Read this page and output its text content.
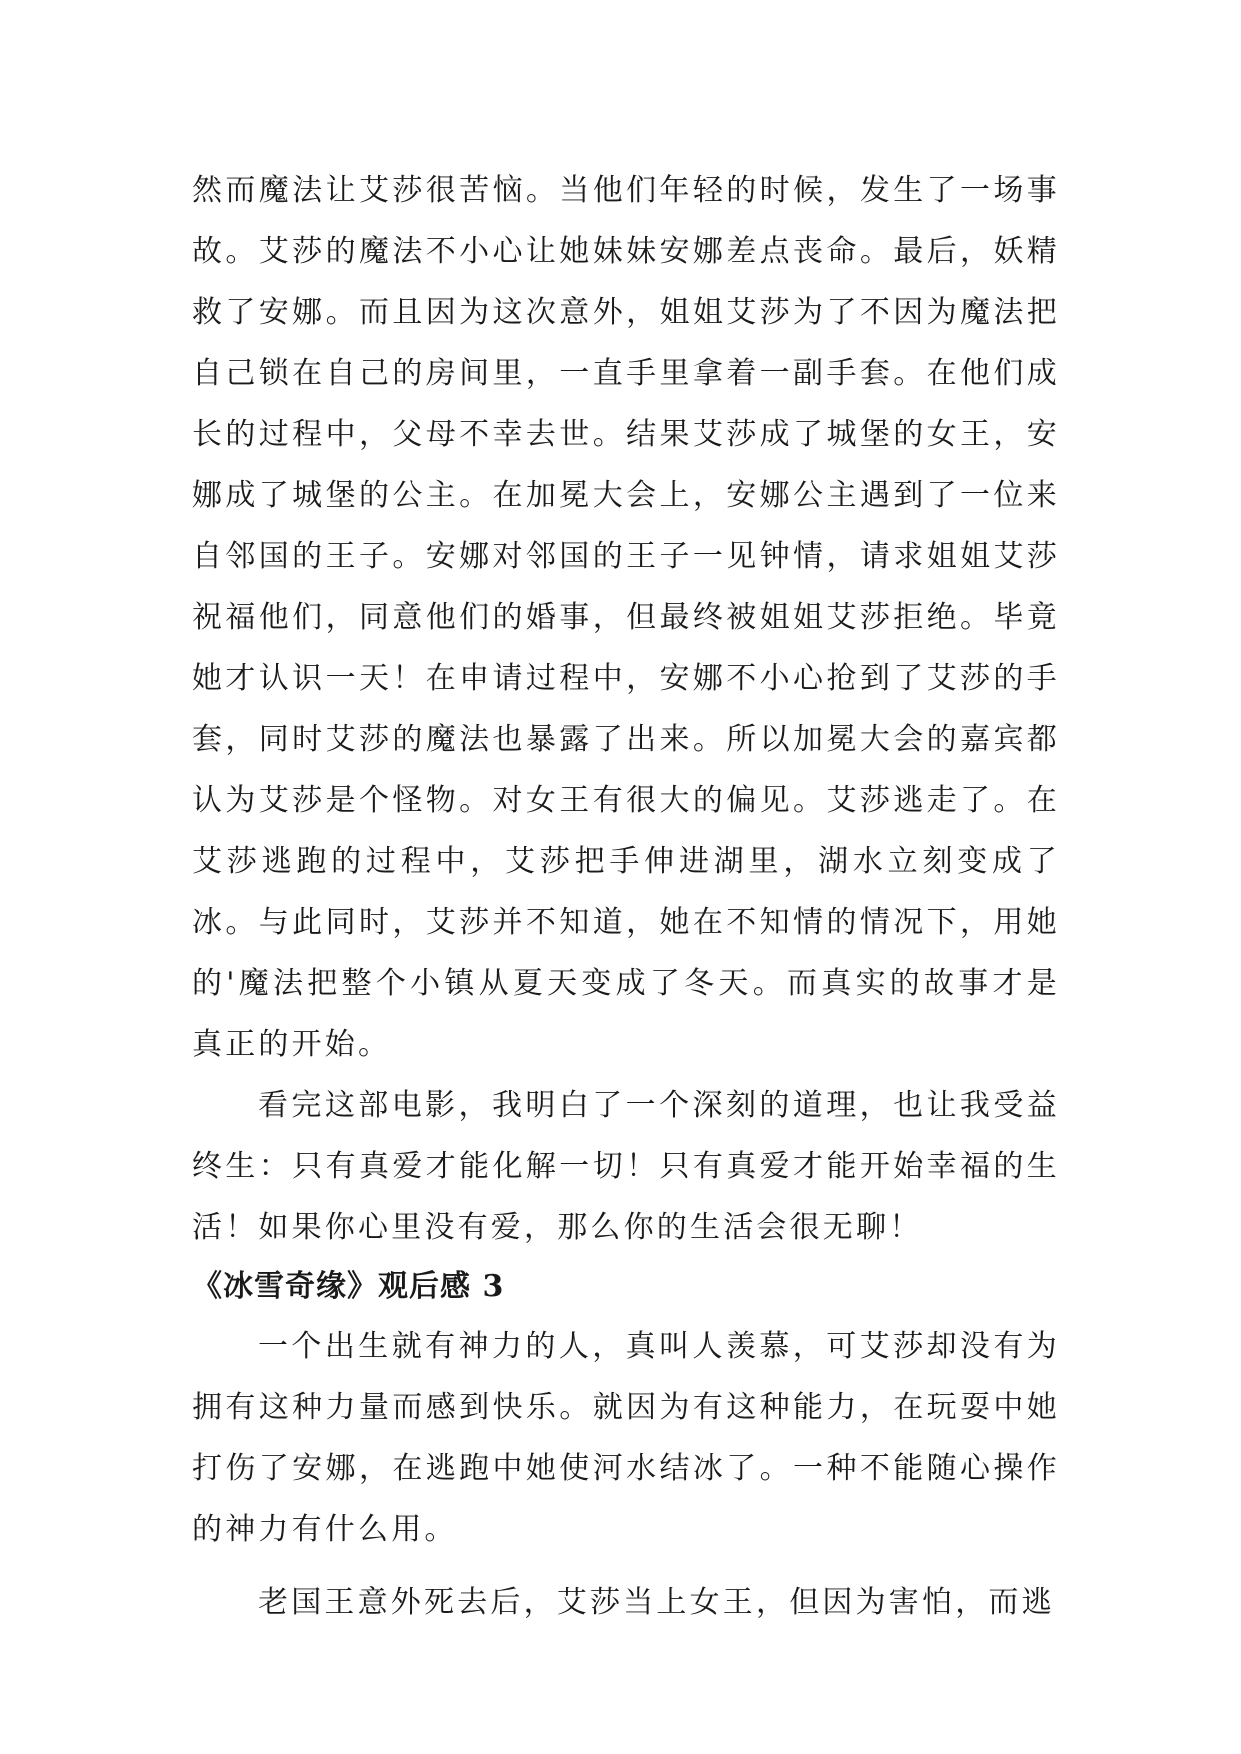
然而魔法让艾莎很苦恼。当他们年轻的时候，发生了一场事故。艾莎的魔法不小心让她妹妹安娜差点丧命。最后，妖精救了安娜。而且因为这次意外，姐姐艾莎为了不因为魔法把自己锁在自己的房间里，一直手里拿着一副手套。在他们成长的过程中，父母不幸去世。结果艾莎成了城堡的女王，安娜成了城堡的公主。在加冕大会上，安娜公主遇到了一位来自邻国的王子。安娜对邻国的王子一见钟情，请求姐姐艾莎祝福他们，同意他们的婚事，但最终被姐姐艾莎拒绝。毕竟她才认识一天！在申请过程中，安娜不小心抢到了艾莎的手套，同时艾莎的魔法也暴露了出来。所以加冕大会的嘉宾都认为艾莎是个怪物。对女王有很大的偏见。艾莎逃走了。在艾莎逃跑的过程中，艾莎把手伸进湖里，湖水立刻变成了冰。与此同时，艾莎并不知道，她在不知情的情况下，用她的'魔法把整个小镇从夏天变成了冬天。而真实的故事才是真正的开始。

看完这部电影，我明白了一个深刻的道理，也让我受益终生：只有真爱才能化解一切！只有真爱才能开始幸福的生活！如果你心里没有爱，那么你的生活会很无聊！

《冰雪奇缘》观后感 3

一个出生就有神力的人，真叫人羡慕，可艾莎却没有为拥有这种力量而感到快乐。就因为有这种能力，在玩耍中她打伤了安娜，在逃跑中她使河水结冰了。一种不能随心操作的神力有什么用。

老国王意外死去后，艾莎当上女王，但因为害怕，而逃
